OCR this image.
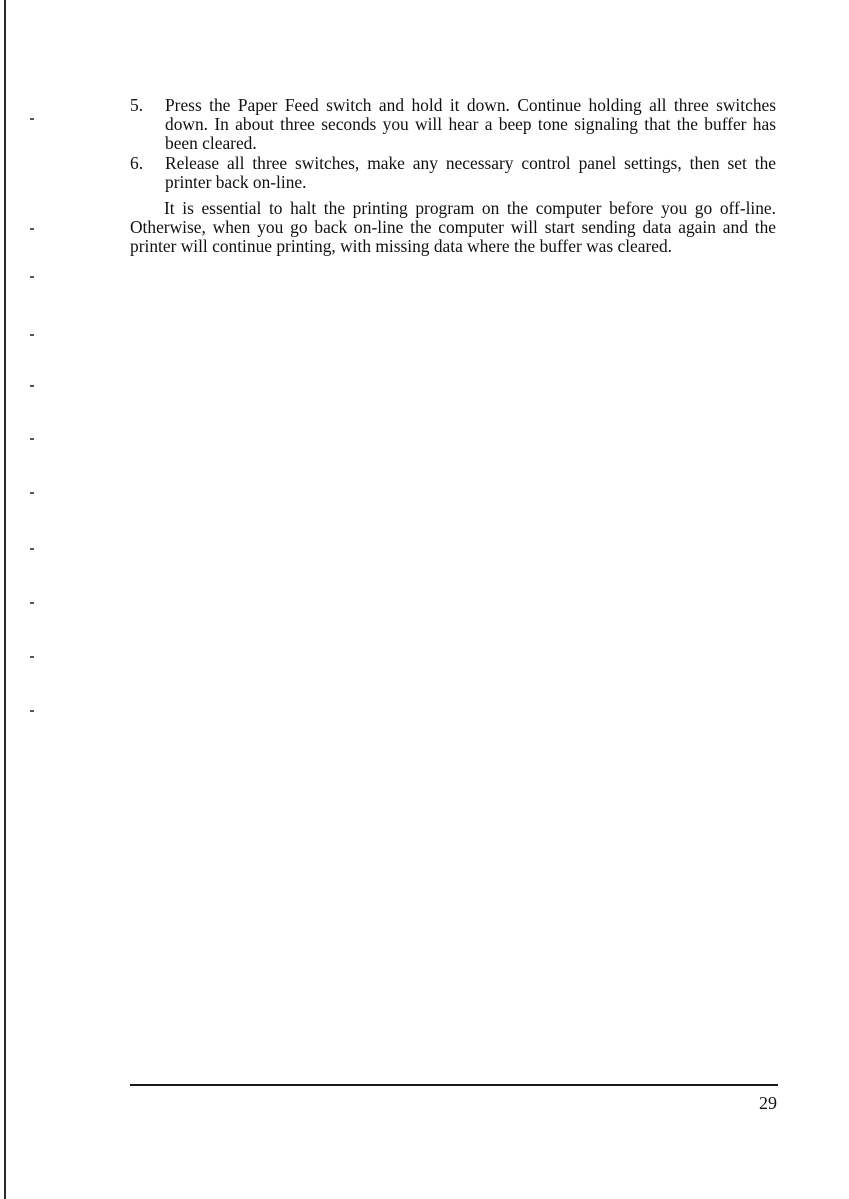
5. Press the Paper Feed switch and hold it down. Continue holding all three switches down. In about three seconds you will hear a beep tone signaling that the buffer has been cleared.
6. Release all three switches, make any necessary control panel settings, then set the printer back on-line.
It is essential to halt the printing program on the computer before you go off-line. Otherwise, when you go back on-line the computer will start sending data again and the printer will continue printing, with missing data where the buffer was cleared.
29
